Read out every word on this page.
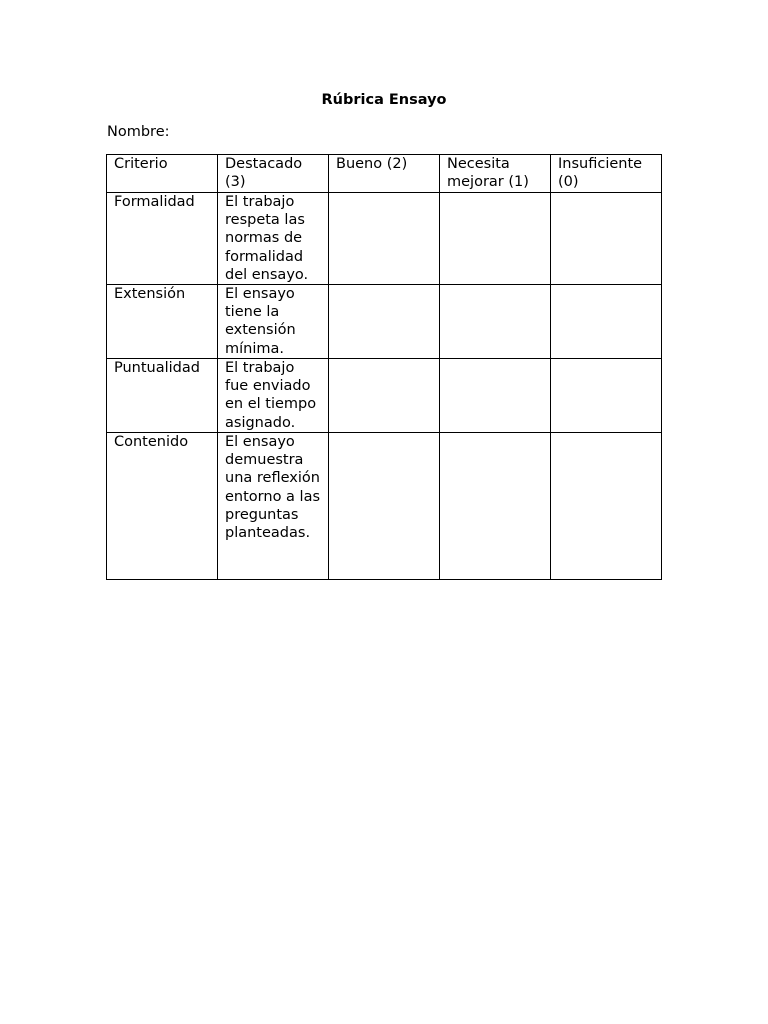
Rúbrica Ensayo
Nombre:
Criterio	Destacado (3)	Bueno (2)	Necesita mejorar (1)	Insuficiente (0)
Formalidad	El trabajo respeta las normas de formalidad del ensayo.			
Extensión	El ensayo tiene la extensión mínima.			
Puntualidad	El trabajo fue enviado en el tiempo asignado.			
Contenido	El ensayo demuestra una reflexión entorno a las preguntas planteadas.			
